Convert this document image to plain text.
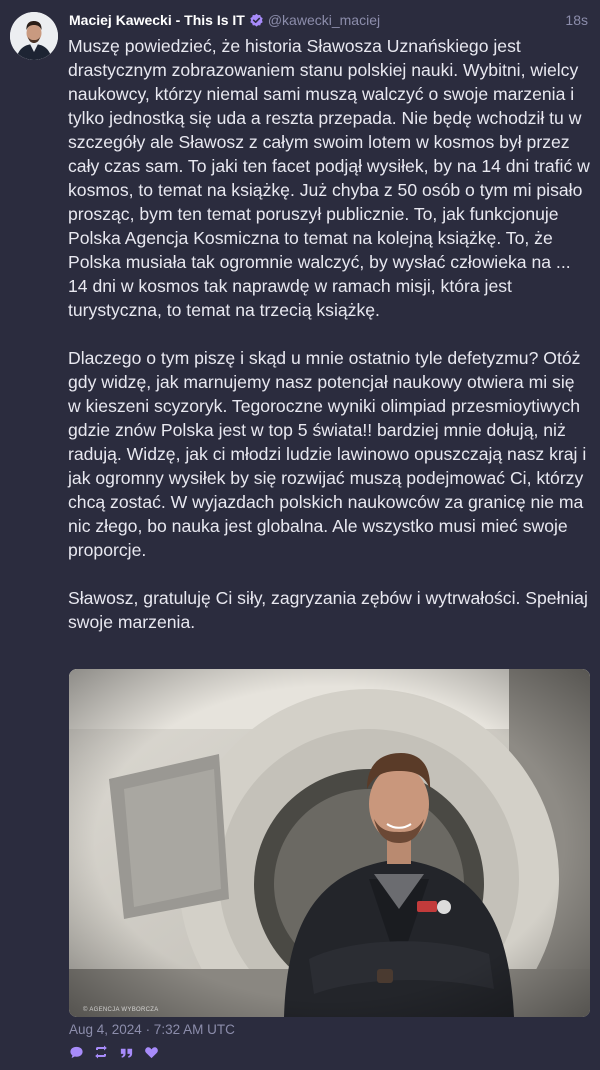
Maciej Kawecki - This Is IT @kawecki_maciej	18s

Muszę powiedzieć, że historia Sławosza Uznańskiego jest drastycznym zobrazowaniem stanu polskiej nauki. Wybitni, wielcy naukowcy, którzy niemal sami muszą walczyć o swoje marzenia i tylko jednostką się uda a reszta przepada. Nie będę wchodził tu w szczegóły ale Sławosz z całym swoim lotem w kosmos był przez cały czas sam. To jaki ten facet podjął wysiłek, by na 14 dni trafić w kosmos, to temat na książkę. Już chyba z 50 osób o tym mi pisało prosząc, bym ten temat poruszył publicznie. To, jak funkcjonuje Polska Agencja Kosmiczna to temat na kolejną książkę. To, że Polska musiała tak ogromnie walczyć, by wysłać człowieka na ... 14 dni w kosmos tak naprawdę w ramach misji, która jest turystyczna, to temat na trzecią książkę.

Dlaczego o tym piszę i skąd u mnie ostatnio tyle defetyzmu? Otóż gdy widzę, jak marnujemy nasz potencjał naukowy otwiera mi się w kieszeni scyzoryk. Tegoroczne wyniki olimpiad przesmioytiwych gdzie znów Polska jest w top 5 świata!! bardziej mnie dołują, niż radują. Widzę, jak ci młodzi ludzie lawinowo opuszczają nasz kraj i jak ogromny wysiłek by się rozwijać muszą podejmować Ci, którzy chcą zostać. W wyjazdach polskich naukowców za granicę nie ma nic złego, bo nauka jest globalna. Ale wszystko musi mieć swoje proporcje.

Sławosz, gratuluję Ci siły, zagryzania zębów i wytrwałości. Spełniaj swoje marzenia.

© AGENCJA WYBORCZA
Aug 4, 2024 · 7:32 AM UTC
